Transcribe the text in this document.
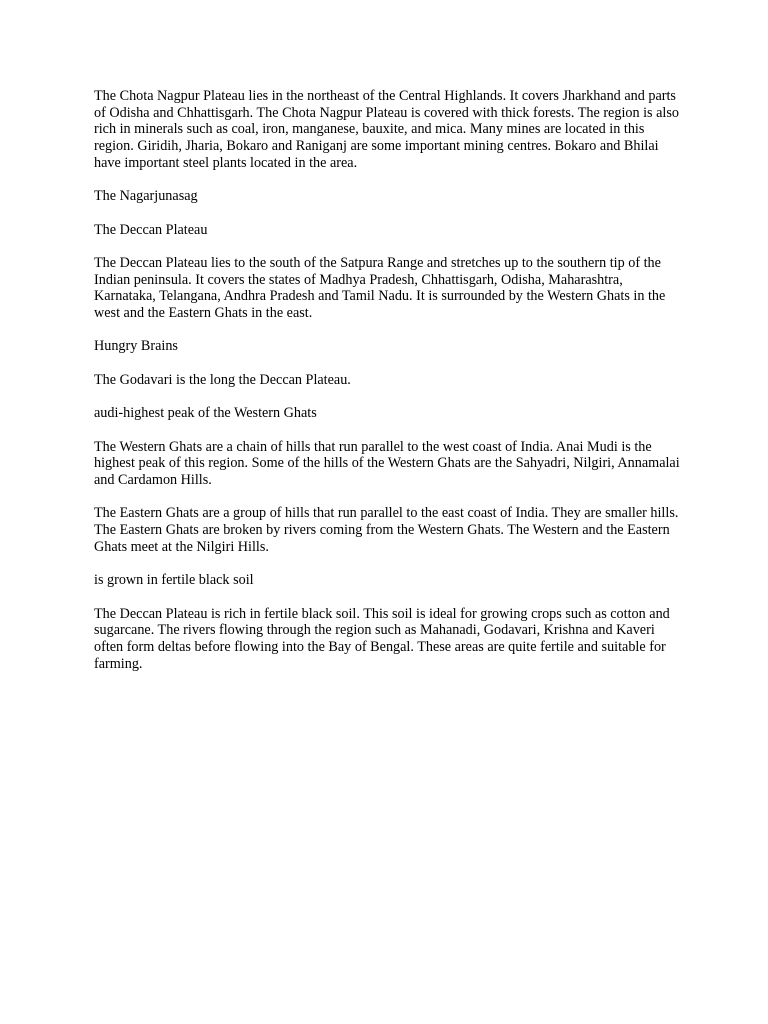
The Chota Nagpur Plateau lies in the northeast of the Central Highlands. It covers Jharkhand and parts of Odisha and Chhattisgarh. The Chota Nagpur Plateau is covered with thick forests. The region is also rich in minerals such as coal, iron, manganese, bauxite, and mica. Many mines are located in this region. Giridih, Jharia, Bokaro and Raniganj are some important mining centres. Bokaro and Bhilai have important steel plants located in the area.

The Nagarjunasag

The Deccan Plateau

The Deccan Plateau lies to the south of the Satpura Range and stretches up to the southern tip of the Indian peninsula. It covers the states of Madhya Pradesh, Chhattisgarh, Odisha, Maharashtra, Karnataka, Telangana, Andhra Pradesh and Tamil Nadu. It is surrounded by the Western Ghats in the west and the Eastern Ghats in the east.

Hungry Brains

The Godavari is the long the Deccan Plateau.

audi-highest peak of the Western Ghats

The Western Ghats are a chain of hills that run parallel to the west coast of India. Anai Mudi is the highest peak of this region. Some of the hills of the Western Ghats are the Sahyadri, Nilgiri, Annamalai and Cardamon Hills.

The Eastern Ghats are a group of hills that run parallel to the east coast of India. They are smaller hills. The Eastern Ghats are broken by rivers coming from the Western Ghats. The Western and the Eastern Ghats meet at the Nilgiri Hills.

is grown in fertile black soil

The Deccan Plateau is rich in fertile black soil. This soil is ideal for growing crops such as cotton and sugarcane. The rivers flowing through the region such as Mahanadi, Godavari, Krishna and Kaveri often form deltas before flowing into the Bay of Bengal. These areas are quite fertile and suitable for farming.
